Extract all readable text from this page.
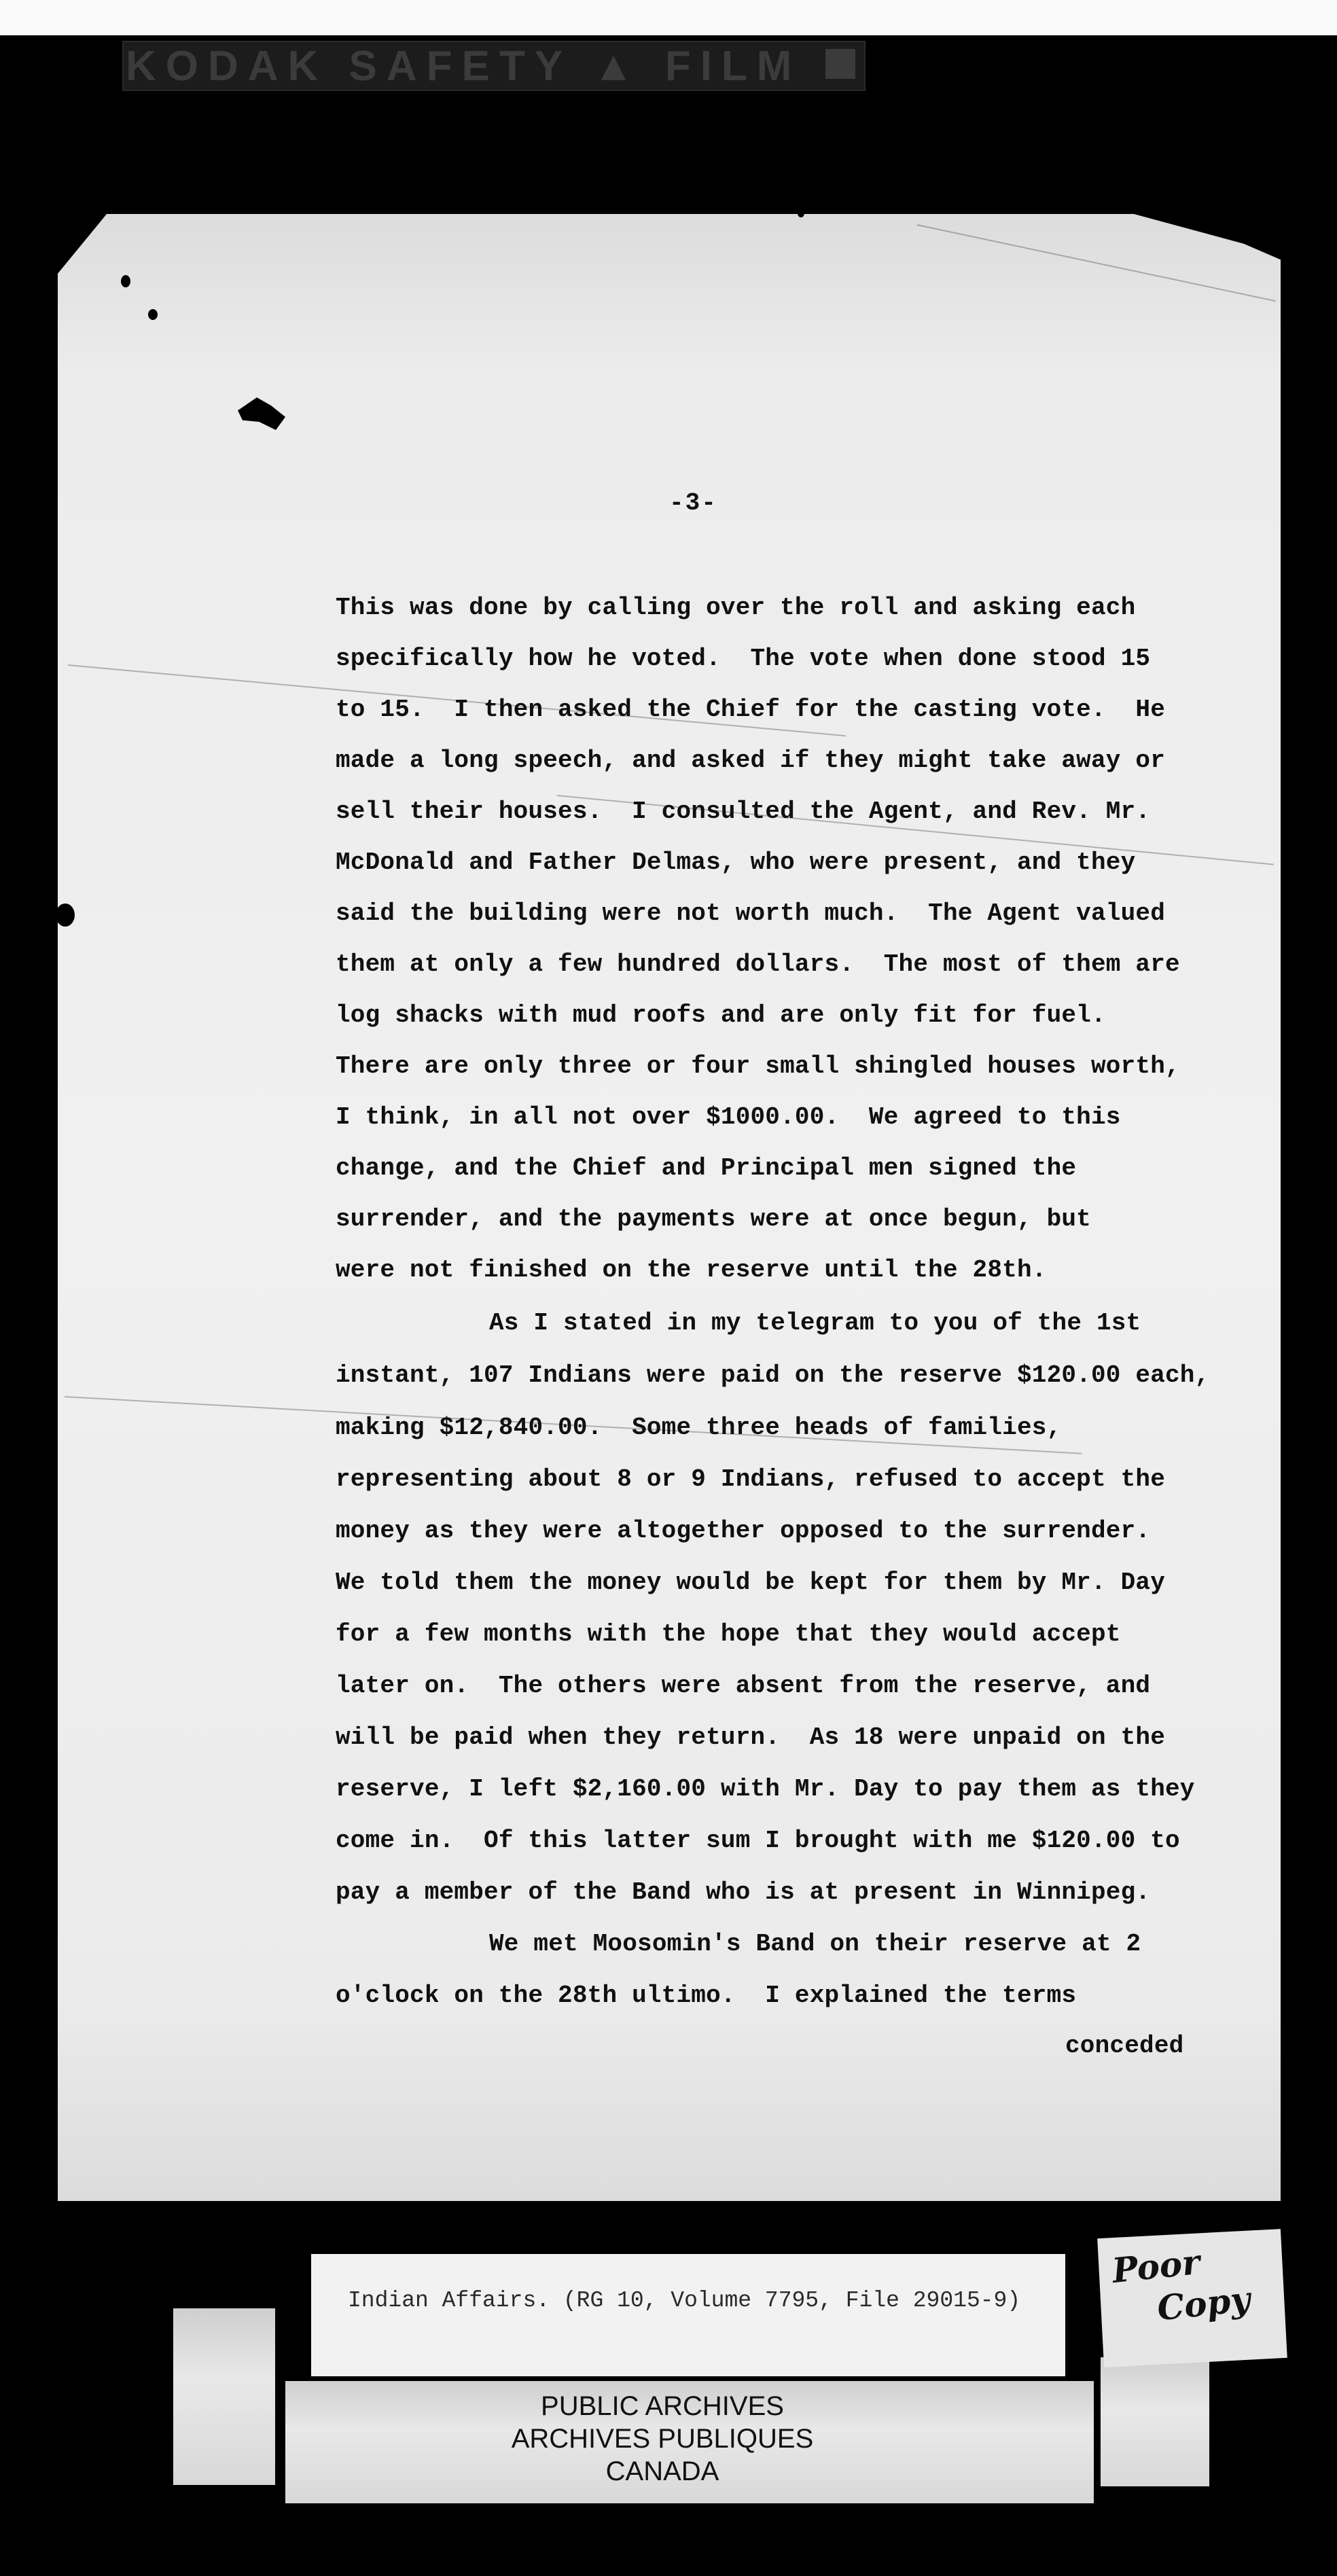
KODAK SAFETY ▲ FILM
-3-
This was done by calling over the roll and asking each
specifically how he voted.  The vote when done stood 15
to 15.  I then asked the Chief for the casting vote.  He
made a long speech, and asked if they might take away or
sell their houses.  I consulted the Agent, and Rev. Mr.
McDonald and Father Delmas, who were present, and they
said the building were not worth much.  The Agent valued
them at only a few hundred dollars.  The most of them are
log shacks with mud roofs and are only fit for fuel.
There are only three or four small shingled houses worth,
I think, in all not over $1000.00.  We agreed to this
change, and the Chief and Principal men signed the
surrender, and the payments were at once begun, but
were not finished on the reserve until the 28th.
As I stated in my telegram to you of the 1st
instant, 107 Indians were paid on the reserve $120.00 each,
making $12,840.00.  Some three heads of families,
representing about 8 or 9 Indians, refused to accept the
money as they were altogether opposed to the surrender.
We told them the money would be kept for them by Mr. Day
for a few months with the hope that they would accept
later on.  The others were absent from the reserve, and
will be paid when they return.  As 18 were unpaid on the
reserve, I left $2,160.00 with Mr. Day to pay them as they
come in.  Of this latter sum I brought with me $120.00 to
pay a member of the Band who is at present in Winnipeg.
We met Moosomin's Band on their reserve at 2
o'clock on the 28th ultimo.  I explained the terms
conceded
Indian Affairs. (RG 10, Volume 7795, File 29015-9)
Poor
Copy
PUBLIC ARCHIVES
ARCHIVES PUBLIQUES
CANADA
